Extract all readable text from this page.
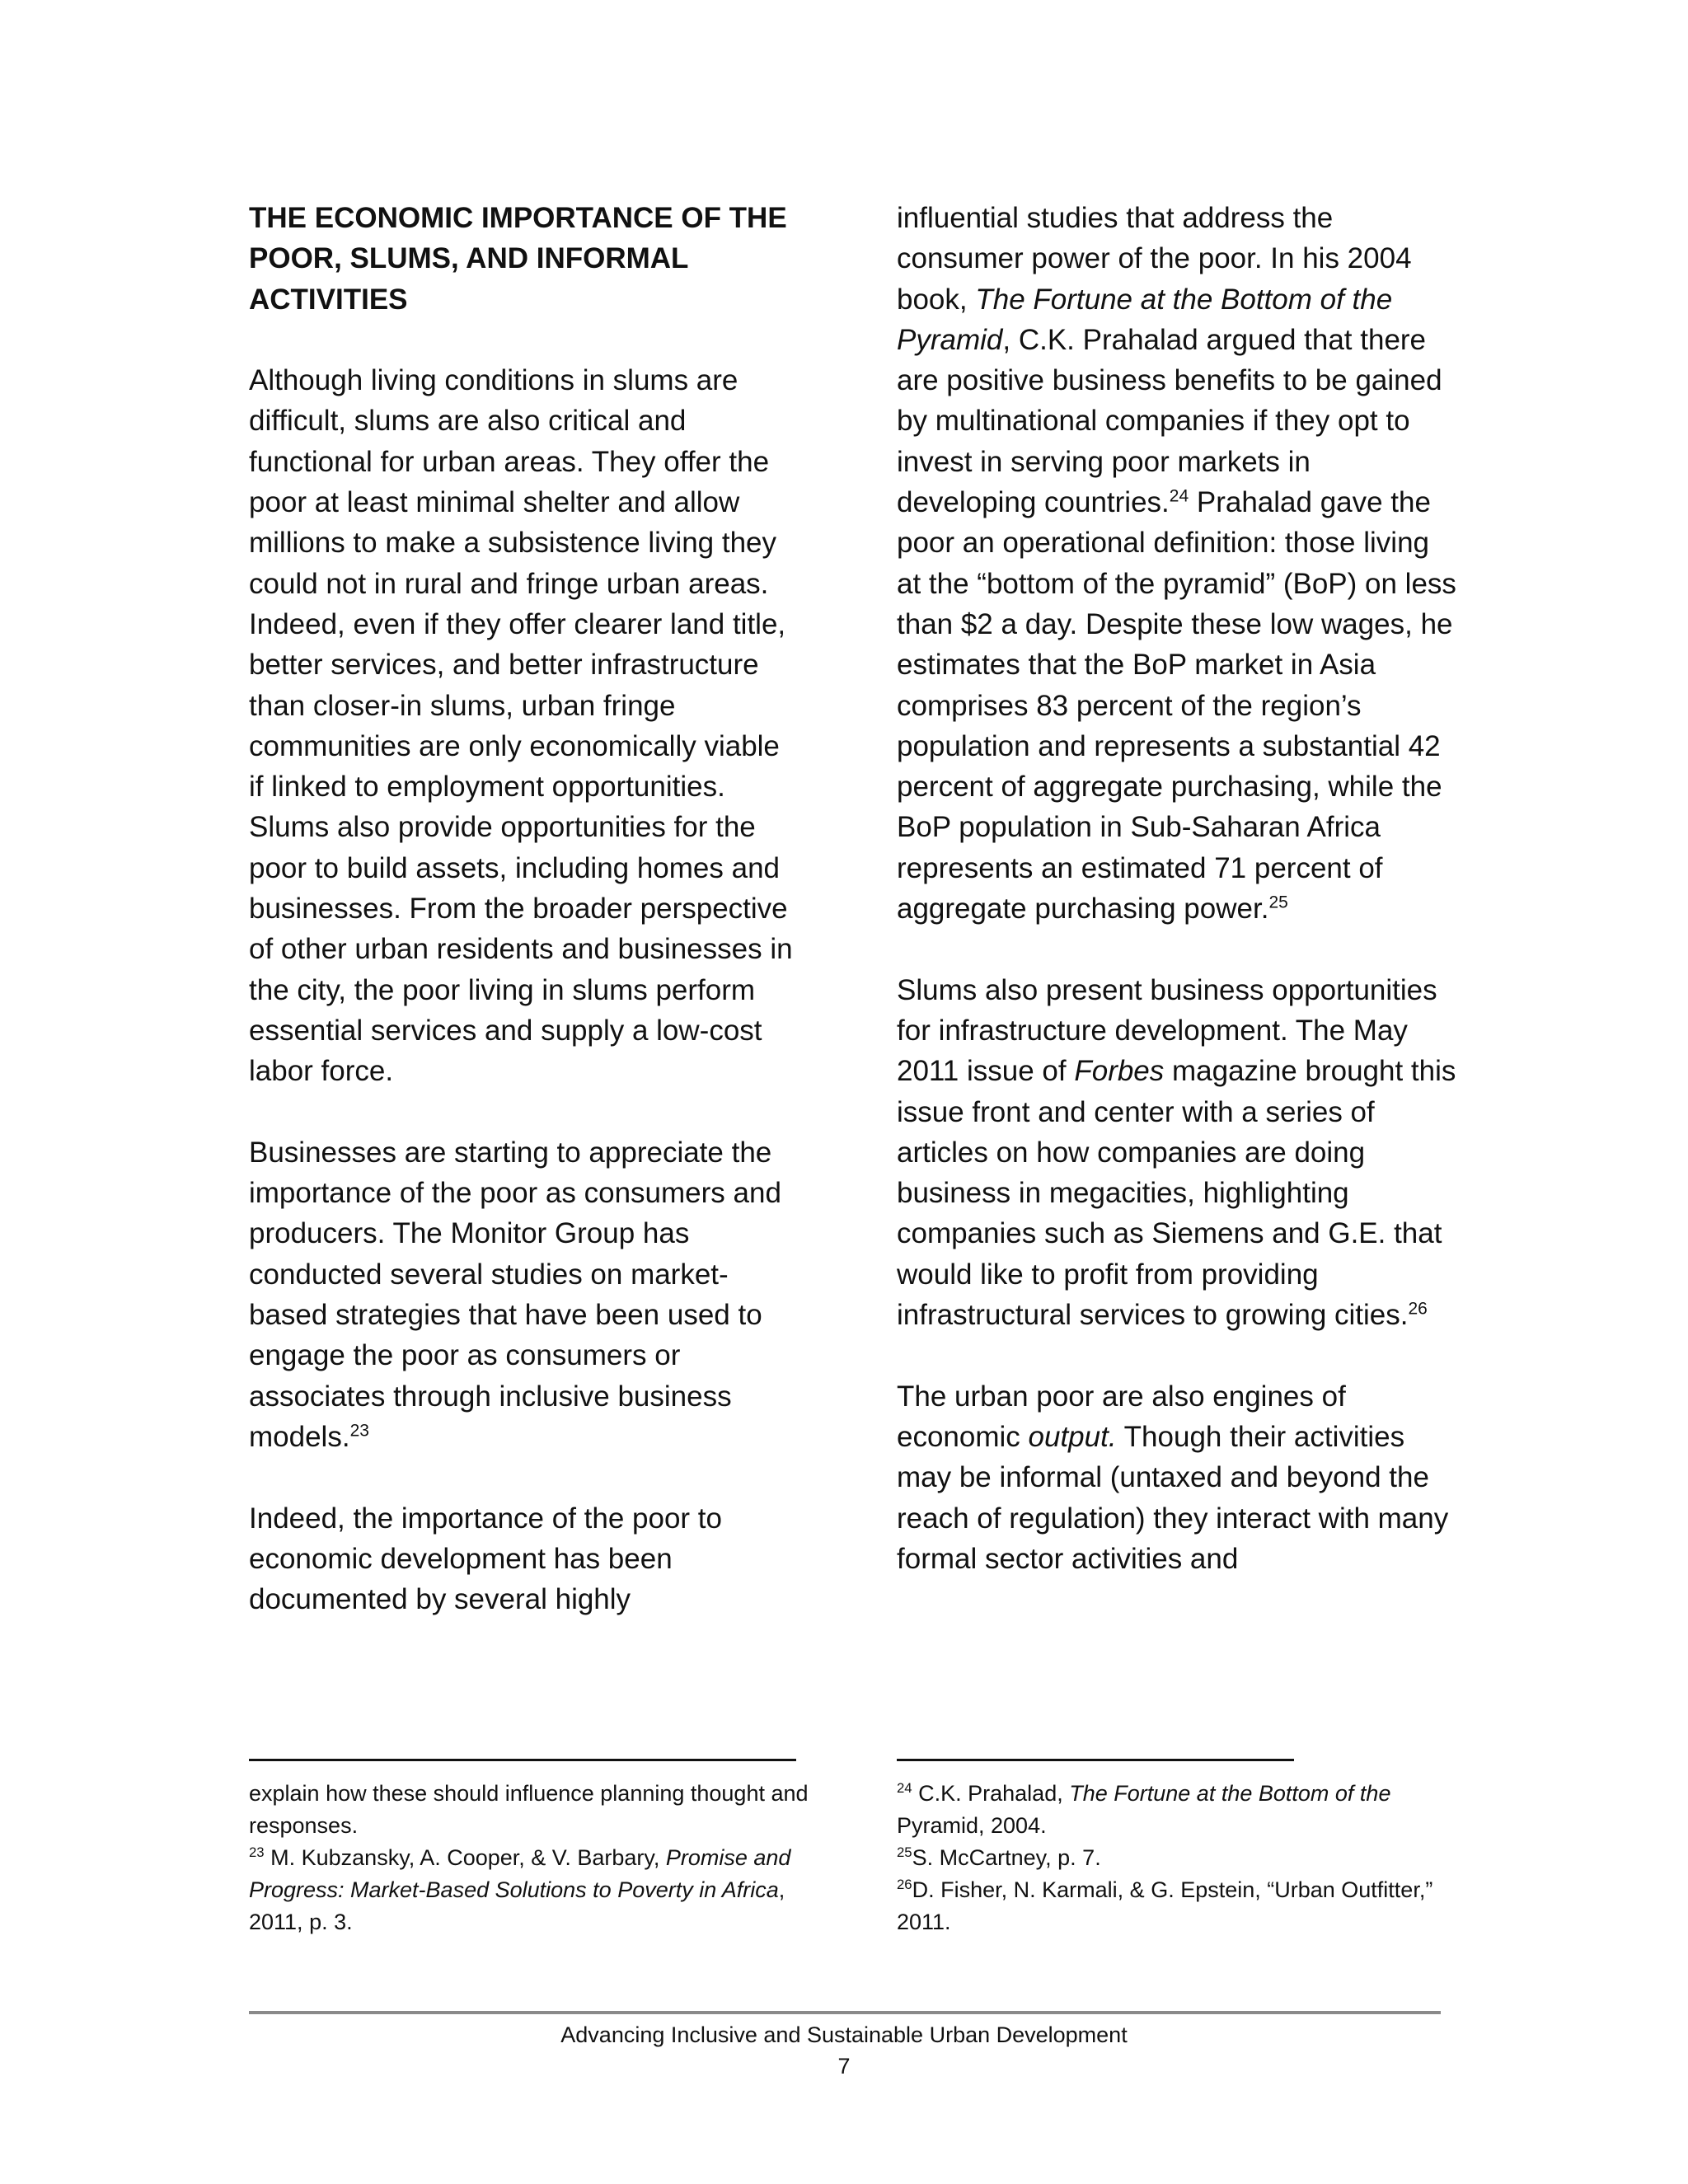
THE ECONOMIC IMPORTANCE OF THE POOR, SLUMS, AND INFORMAL ACTIVITIES

Although living conditions in slums are difficult, slums are also critical and functional for urban areas. They offer the poor at least minimal shelter and allow millions to make a subsistence living they could not in rural and fringe urban areas. Indeed, even if they offer clearer land title, better services, and better infrastructure than closer-in slums, urban fringe communities are only economically viable if linked to employment opportunities. Slums also provide opportunities for the poor to build assets, including homes and businesses. From the broader perspective of other urban residents and businesses in the city, the poor living in slums perform essential services and supply a low-cost labor force.

Businesses are starting to appreciate the importance of the poor as consumers and producers. The Monitor Group has conducted several studies on market-based strategies that have been used to engage the poor as consumers or associates through inclusive business models.$^{23}$

Indeed, the importance of the poor to economic development has been documented by several highly

influential studies that address the consumer power of the poor. In his 2004 book, The Fortune at the Bottom of the Pyramid, C.K. Prahalad argued that there are positive business benefits to be gained by multinational companies if they opt to invest in serving poor markets in developing countries.$^{24}$ Prahalad gave the poor an operational definition: those living at the “bottom of the pyramid” (BoP) on less than $2 a day. Despite these low wages, he estimates that the BoP market in Asia comprises 83 percent of the region’s population and represents a substantial 42 percent of aggregate purchasing, while the BoP population in Sub-Saharan Africa represents an estimated 71 percent of aggregate purchasing power.$^{25}$

Slums also present business opportunities for infrastructure development. The May 2011 issue of Forbes magazine brought this issue front and center with a series of articles on how companies are doing business in megacities, highlighting companies such as Siemens and G.E. that would like to profit from providing infrastructural services to growing cities.$^{26}$

The urban poor are also engines of economic output. Though their activities may be informal (untaxed and beyond the reach of regulation) they interact with many formal sector activities and

explain how these should influence planning thought and responses.

$^{23}$ M. Kubzansky, A. Cooper, & V. Barbary, Promise and Progress: Market-Based Solutions to Poverty in Africa, 2011, p. 3.

$^{24}$ C.K. Prahalad, The Fortune at the Bottom of the Pyramid, 2004.

$^{25}$S. McCartney, p. 7.

$^{26}$D. Fisher, N. Karmali, & G. Epstein, “Urban Outfitter,” 2011.

Advancing Inclusive and Sustainable Urban Development
7
